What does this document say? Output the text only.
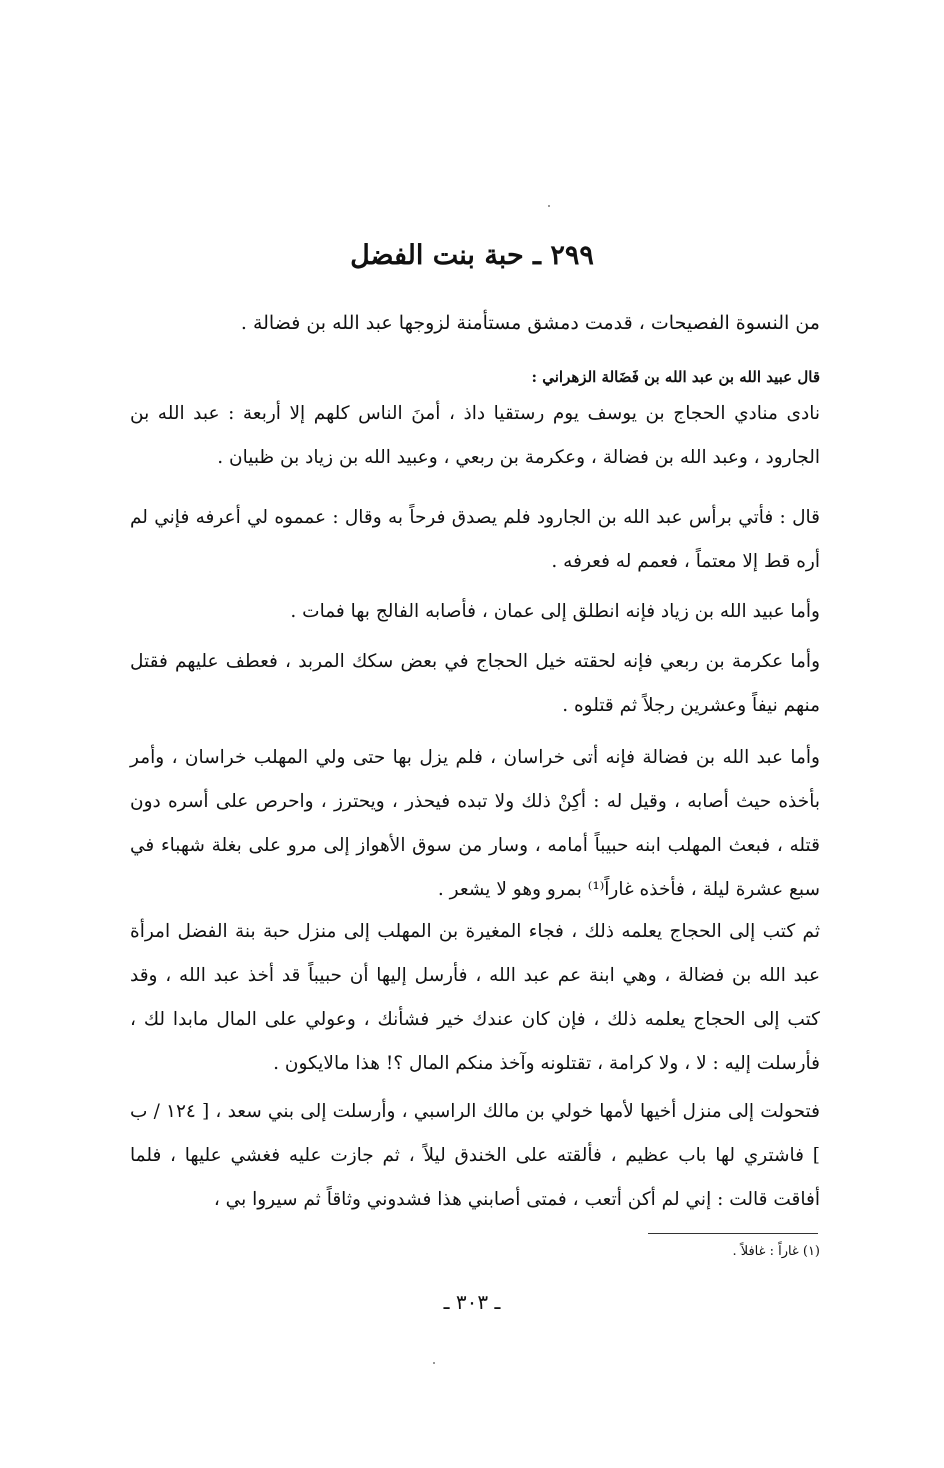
٢٩٩ ـ حبة بنت الفضل
من النسوة الفصيحات ، قدمت دمشق مستأمنة لزوجها عبد الله بن فضالة .
قال عبيد الله بن عبد الله بن فَضَالة الزهراني :
نادى منادي الحجاج بن يوسف يوم رستقيا داذ ، أمنَ الناس كلهم إلا أربعة : عبد الله بن الجارود ، وعبد الله بن فضالة ، وعكرمة بن ربعي ، وعبيد الله بن زياد بن ظبيان .
قال : فأتي برأس عبد الله بن الجارود فلم يصدق فرحاً به وقال : عمموه لي أعرفه فإني لم أره قط إلا معتماً ، فعمم له فعرفه .
وأما عبيد الله بن زياد فإنه انطلق إلى عمان ، فأصابه الفالج بها فمات .
وأما عكرمة بن ربعي فإنه لحقته خيل الحجاج في بعض سكك المربد ، فعطف عليهم فقتل منهم نيفاً وعشرين رجلاً ثم قتلوه .
وأما عبد الله بن فضالة فإنه أتى خراسان ، فلم يزل بها حتى ولي المهلب خراسان ، وأمر بأخذه حيث أصابه ، وقيل له : أكِنْ ذلك ولا تبده فيحذر ، ويحترز ، واحرص على أسره دون قتله ، فبعث المهلب ابنه حبيباً أمامه ، وسار من سوق الأهواز إلى مرو على بغلة شهباء في سبع عشرة ليلة ، فأخذه غاراً⁽¹⁾ بمرو وهو لا يشعر .
ثم كتب إلى الحجاج يعلمه ذلك ، فجاء المغيرة بن المهلب إلى منزل حبة بنة الفضل امرأة عبد الله بن فضالة ، وهي ابنة عم عبد الله ، فأرسل إليها أن حبيباً قد أخذ عبد الله ، وقد كتب إلى الحجاج يعلمه ذلك ، فإن كان عندك خير فشأنك ، وعولي على المال مابدا لك ، فأرسلت إليه : لا ، ولا كرامة ، تقتلونه وآخذ منكم المال ؟! هذا مالايكون .
فتحولت إلى منزل أخيها لأمها خولي بن مالك الراسبي ، وأرسلت إلى بني سعد ، [ ١٢٤ / ب ] فاشتري لها باب عظيم ، فألقته على الخندق ليلاً ، ثم جازت عليه فغشي عليها ، فلما أفاقت قالت : إني لم أكن أتعب ، فمتى أصابني هذا فشدوني وثاقاً ثم سيروا بي ،
(١) غاراً : غافلاً .
ـ ٣٠٣ ـ
